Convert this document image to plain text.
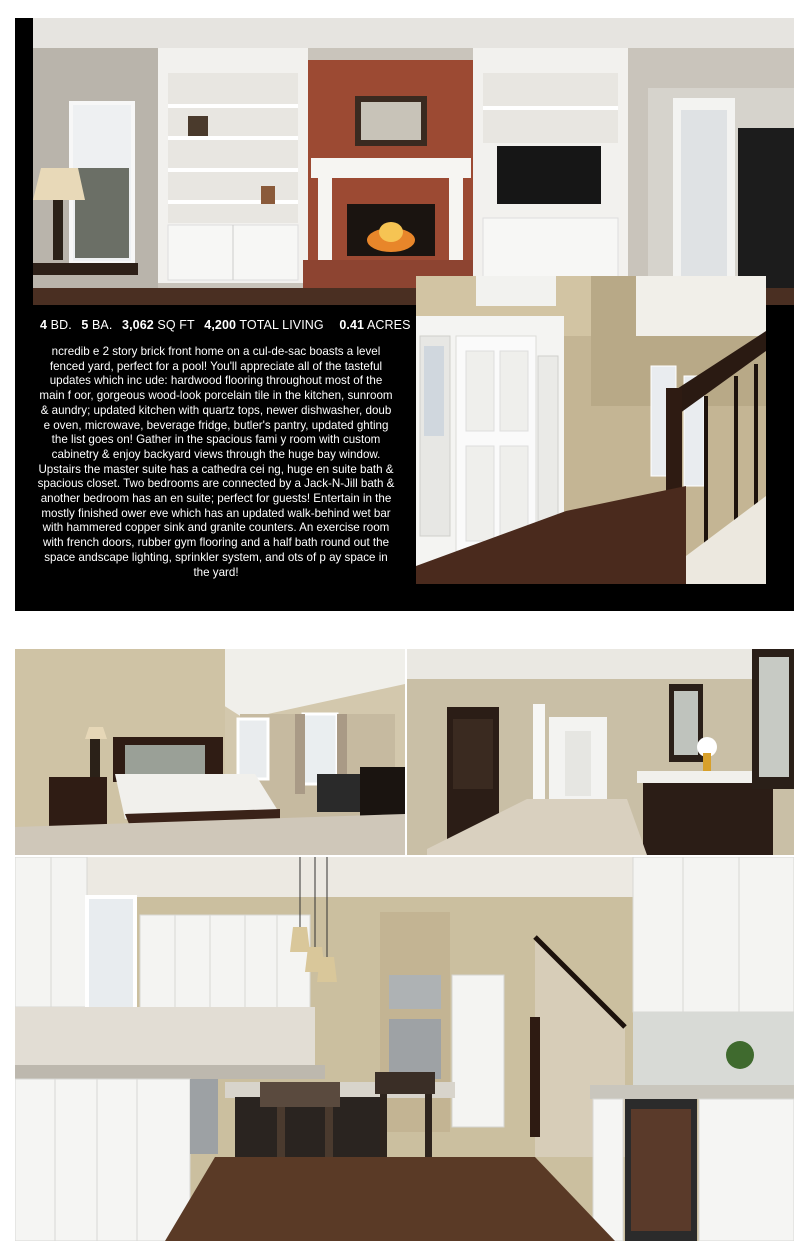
4 BD. 5 BA. 3,062 SQ FT 4,200 TOTAL LIVING 0.41 ACRES
ncredib e 2 story brick front home on a cul-de-sac boasts a level fenced yard, perfect for a pool! You'll appreciate all of the tasteful updates which inc ude: hardwood flooring throughout most of the main f oor, gorgeous wood-look porcelain tile in the kitchen, sunroom & aundry; updated kitchen with quartz tops, newer dishwasher, doub e oven, microwave, beverage fridge, butler's pantry, updated ghting the list goes on! Gather in the spacious fami y room with custom cabinetry & enjoy backyard views through the huge bay window. Upstairs the master suite has a cathedra cei ng, huge en suite bath & spacious closet. Two bedrooms are connected by a Jack-N-Jill bath & another bedroom has an en suite; perfect for guests! Entertain in the mostly finished ower eve which has an updated walk-behind wet bar with hammered copper sink and granite counters. An exercise room with french doors, rubber gym flooring and a half bath round out the space andscape lighting, sprinkler system, and ots of p ay space in the yard!
